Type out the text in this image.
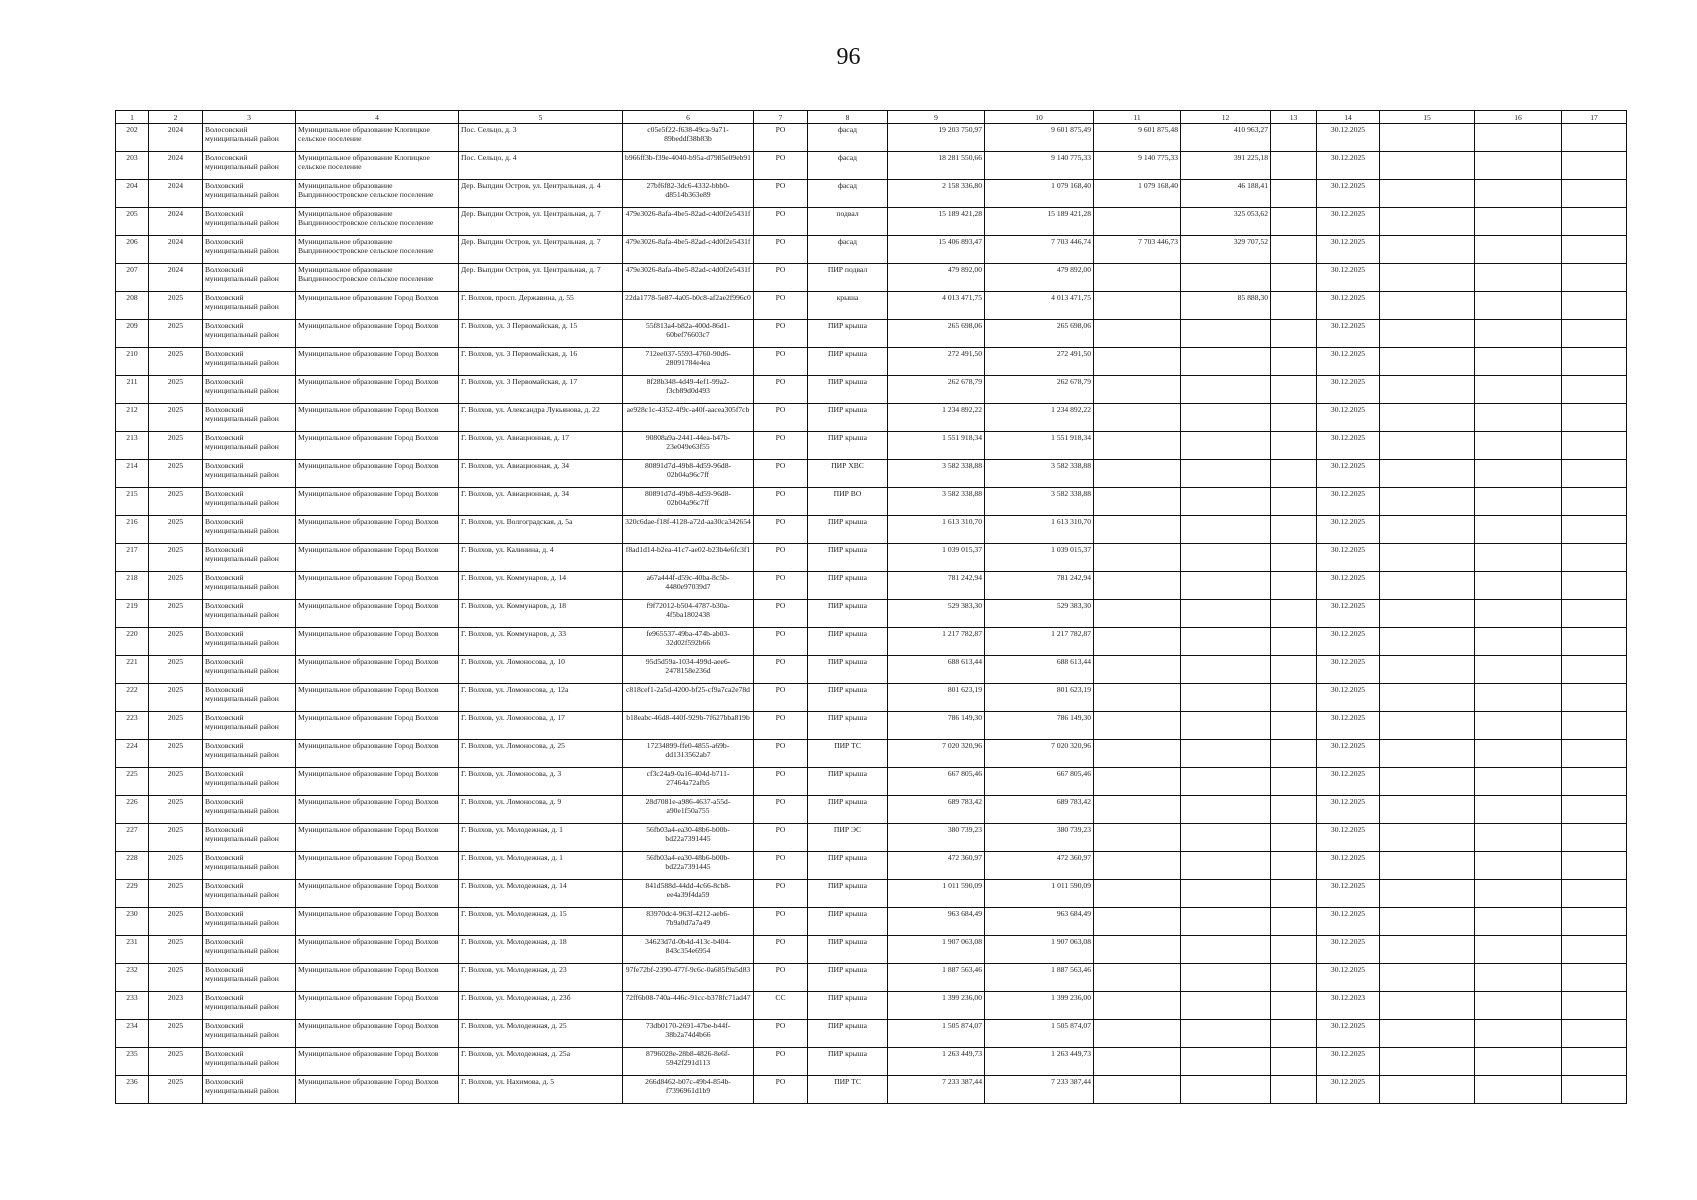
96
1	2	3	4	5	6	7	8	9	10	11	12	13	14	15	16	17
202	2024	Волосовский муниципальный район	Муниципальное образование Клопицкое сельское поселение	Пос. Сельцо, д. 3	c05e5f22-f638-49ca-9a71-89beddf38b83b	РО	фасад	19 203 750,97	9 601 875,49	9 601 875,48	410 963,27		30.12.2025			
203	2024	Волосовский муниципальный район	Муниципальное образование Клопицкое сельское поселение	Пос. Сельцо, д. 4	b966ff3b-f39e-4040-b95a-d7985e09eb91	РО	фасад	18 281 550,66	9 140 775,33	9 140 775,33	391 225,18		30.12.2025			
204	2024	Волховский муниципальный район	Муниципальное образование Выпдинноостровское сельское поселение	Дер. Выпдин Остров, ул. Центральная, д. 4	27bf6f82-3dc6-4332-bbb0-d8514b363e89	РО	фасад	2 158 336,80	1 079 168,40	1 079 168,40	46 188,41		30.12.2025			
205	2024	Волховский муниципальный район	Муниципальное образование Выпдинноостровское сельское поселение	Дер. Выпдин Остров, ул. Центральная, д. 7	479e3026-8afa-4be5-82ad-c4d0f2e5431f	РО	подвал	15 189 421,28	15 189 421,28		325 053,62		30.12.2025			
206	2024	Волховский муниципальный район	Муниципальное образование Выпдинноостровское сельское поселение	Дер. Выпдин Остров, ул. Центральная, д. 7	479e3026-8afa-4be5-82ad-c4d0f2e5431f	РО	фасад	15 406 893,47	7 703 446,74	7 703 446,73	329 707,52		30.12.2025			
207	2024	Волховский муниципальный район	Муниципальное образование Выпдинноостровское сельское поселение	Дер. Выпдин Остров, ул. Центральная, д. 7	479e3026-8afa-4be5-82ad-c4d0f2e5431f	РО	ПИР подвал	479 892,00	479 892,00				30.12.2025			
208	2025	Волховский муниципальный район	Муниципальное образование Город Волхов	Г. Волхов, просп. Державина, д. 55	22da1778-5e87-4a05-b0c8-af2ae2f996c0	РО	крыша	4 013 471,75	4 013 471,75		85 888,30		30.12.2025			
209	2025	Волховский муниципальный район	Муниципальное образование Город Волхов	Г. Волхов, ул. 3 Первомайская, д. 15	55f813a4-b82a-400d-86d1-60bef76603c7	РО	ПИР крыша	265 698,06	265 698,06				30.12.2025			
210	2025	Волховский муниципальный район	Муниципальное образование Город Волхов	Г. Волхов, ул. 3 Первомайская, д. 16	712ee037-5593-4760-90d6-28091784e4ea	РО	ПИР крыша	272 491,50	272 491,50				30.12.2025			
211	2025	Волховский муниципальный район	Муниципальное образование Город Волхов	Г. Волхов, ул. 3 Первомайская, д. 17	8f28b348-4d49-4ef1-99a2-f3cb89d0d493	РО	ПИР крыша	262 678,79	262 678,79				30.12.2025			
212	2025	Волховский муниципальный район	Муниципальное образование Город Волхов	Г. Волхов, ул. Александра Лукьянова, д. 22	ae928c1c-4352-4f9c-a40f-aacea305f7cb	РО	ПИР крыша	1 234 892,22	1 234 892,22				30.12.2025			
213	2025	Волховский муниципальный район	Муниципальное образование Город Волхов	Г. Волхов, ул. Авиационная, д. 17	90808a9a-2441-44ea-b47b-23e049e63f55	РО	ПИР крыша	1 551 918,34	1 551 918,34				30.12.2025			
214	2025	Волховский муниципальный район	Муниципальное образование Город Волхов	Г. Волхов, ул. Авиационная, д. 34	80891d7d-49b8-4d59-96d8-02b04a96c7ff	РО	ПИР ХВС	3 582 338,88	3 582 338,88				30.12.2025			
215	2025	Волховский муниципальный район	Муниципальное образование Город Волхов	Г. Волхов, ул. Авиационная, д. 34	80891d7d-49b8-4d59-96d8-02b04a96c7ff	РО	ПИР ВО	3 582 338,88	3 582 338,88				30.12.2025			
216	2025	Волховский муниципальный район	Муниципальное образование Город Волхов	Г. Волхов, ул. Волгоградская, д. 5а	320c6dae-f18f-4128-a72d-aa30ca342654	РО	ПИР крыша	1 613 310,70	1 613 310,70				30.12.2025			
217	2025	Волховский муниципальный район	Муниципальное образование Город Волхов	Г. Волхов, ул. Калинина, д. 4	f8ad1d14-b2ea-41c7-ae02-b23b4e6fc3f1	РО	ПИР крыша	1 039 015,37	1 039 015,37				30.12.2025			
218	2025	Волховский муниципальный район	Муниципальное образование Город Волхов	Г. Волхов, ул. Коммунаров, д. 14	a67a444f-d59c-40ba-8c5b-4480e97039d7	РО	ПИР крыша	781 242,94	781 242,94				30.12.2025			
219	2025	Волховский муниципальный район	Муниципальное образование Город Волхов	Г. Волхов, ул. Коммунаров, д. 18	f9f72012-b504-4787-b30a-4f5ba1802438	РО	ПИР крыша	529 383,30	529 383,30				30.12.2025			
220	2025	Волховский муниципальный район	Муниципальное образование Город Волхов	Г. Волхов, ул. Коммунаров, д. 33	fe965537-49ba-474b-ab03-32d02f592b66	РО	ПИР крыша	1 217 782,87	1 217 782,87				30.12.2025			
221	2025	Волховский муниципальный район	Муниципальное образование Город Волхов	Г. Волхов, ул. Ломоносова, д. 10	95d5d59a-1034-499d-aee6-2478158e236d	РО	ПИР крыша	688 613,44	688 613,44				30.12.2025			
222	2025	Волховский муниципальный район	Муниципальное образование Город Волхов	Г. Волхов, ул. Ломоносова, д. 12а	c818cef1-2a5d-4200-bf25-cf9a7ca2e78d	РО	ПИР крыша	801 623,19	801 623,19				30.12.2025			
223	2025	Волховский муниципальный район	Муниципальное образование Город Волхов	Г. Волхов, ул. Ломоносова, д. 17	b18eabc-46d8-440f-929b-7f627bba819b	РО	ПИР крыша	786 149,30	786 149,30				30.12.2025			
224	2025	Волховский муниципальный район	Муниципальное образование Город Волхов	Г. Волхов, ул. Ломоносова, д. 25	17234899-ffe0-4855-a69b-dd1313562ab7	РО	ПИР ТС	7 020 320,96	7 020 320,96				30.12.2025			
225	2025	Волховский муниципальный район	Муниципальное образование Город Волхов	Г. Волхов, ул. Ломоносова, д. 3	cf3c24a9-0a16-404d-b711-27464a72afb5	РО	ПИР крыша	667 805,46	667 805,46				30.12.2025			
226	2025	Волховский муниципальный район	Муниципальное образование Город Волхов	Г. Волхов, ул. Ломоносова, д. 9	28d7081e-a986-4637-a55d-a90e1f50a755	РО	ПИР крыша	689 783,42	689 783,42				30.12.2025			
227	2025	Волховский муниципальный район	Муниципальное образование Город Волхов	Г. Волхов, ул. Молодежная, д. 1	56fb03a4-ea30-48b6-b00b-bd22a7391445	РО	ПИР ЭС	380 739,23	380 739,23				30.12.2025			
228	2025	Волховский муниципальный район	Муниципальное образование Город Волхов	Г. Волхов, ул. Молодежная, д. 1	56fb03a4-ea30-48b6-b00b-bd22a7391445	РО	ПИР крыша	472 360,97	472 360,97				30.12.2025			
229	2025	Волховский муниципальный район	Муниципальное образование Город Волхов	Г. Волхов, ул. Молодежная, д. 14	841d588d-44dd-4c66-8cb8-ee4a39f4da59	РО	ПИР крыша	1 011 590,09	1 011 590,09				30.12.2025			
230	2025	Волховский муниципальный район	Муниципальное образование Город Волхов	Г. Волхов, ул. Молодежная, д. 15	83970dc4-963f-4212-aeb6-7b9a0d7a7a49	РО	ПИР крыша	963 684,49	963 684,49				30.12.2025			
231	2025	Волховский муниципальный район	Муниципальное образование Город Волхов	Г. Волхов, ул. Молодежная, д. 18	34623d7d-0b4d-413c-b404-843c354e6954	РО	ПИР крыша	1 907 063,08	1 907 063,08				30.12.2025			
232	2025	Волховский муниципальный район	Муниципальное образование Город Волхов	Г. Волхов, ул. Молодежная, д. 23	97fe72bf-2390-477f-9c6c-0a685f9a5d83	РО	ПИР крыша	1 887 563,46	1 887 563,46				30.12.2025			
233	2023	Волховский муниципальный район	Муниципальное образование Город Волхов	Г. Волхов, ул. Молодежная, д. 23б	72ff6b08-740a-446c-91cc-b378fc71ad47	СС	ПИР крыша	1 399 236,00	1 399 236,00				30.12.2023			
234	2025	Волховский муниципальный район	Муниципальное образование Город Волхов	Г. Волхов, ул. Молодежная, д. 25	73db0170-2691-47be-b44f-38b2a74d4b66	РО	ПИР крыша	1 505 874,07	1 505 874,07				30.12.2025			
235	2025	Волховский муниципальный район	Муниципальное образование Город Волхов	Г. Волхов, ул. Молодежная, д. 25а	8796028e-28b8-4826-8e6f-5942f291d113	РО	ПИР крыша	1 263 449,73	1 263 449,73				30.12.2025			
236	2025	Волховский муниципальный район	Муниципальное образование Город Волхов	Г. Волхов, ул. Нахимова, д. 5	266d8462-b07c-49b4-854b-f7396961d1b9	РО	ПИР ТС	7 233 387,44	7 233 387,44				30.12.2025			
